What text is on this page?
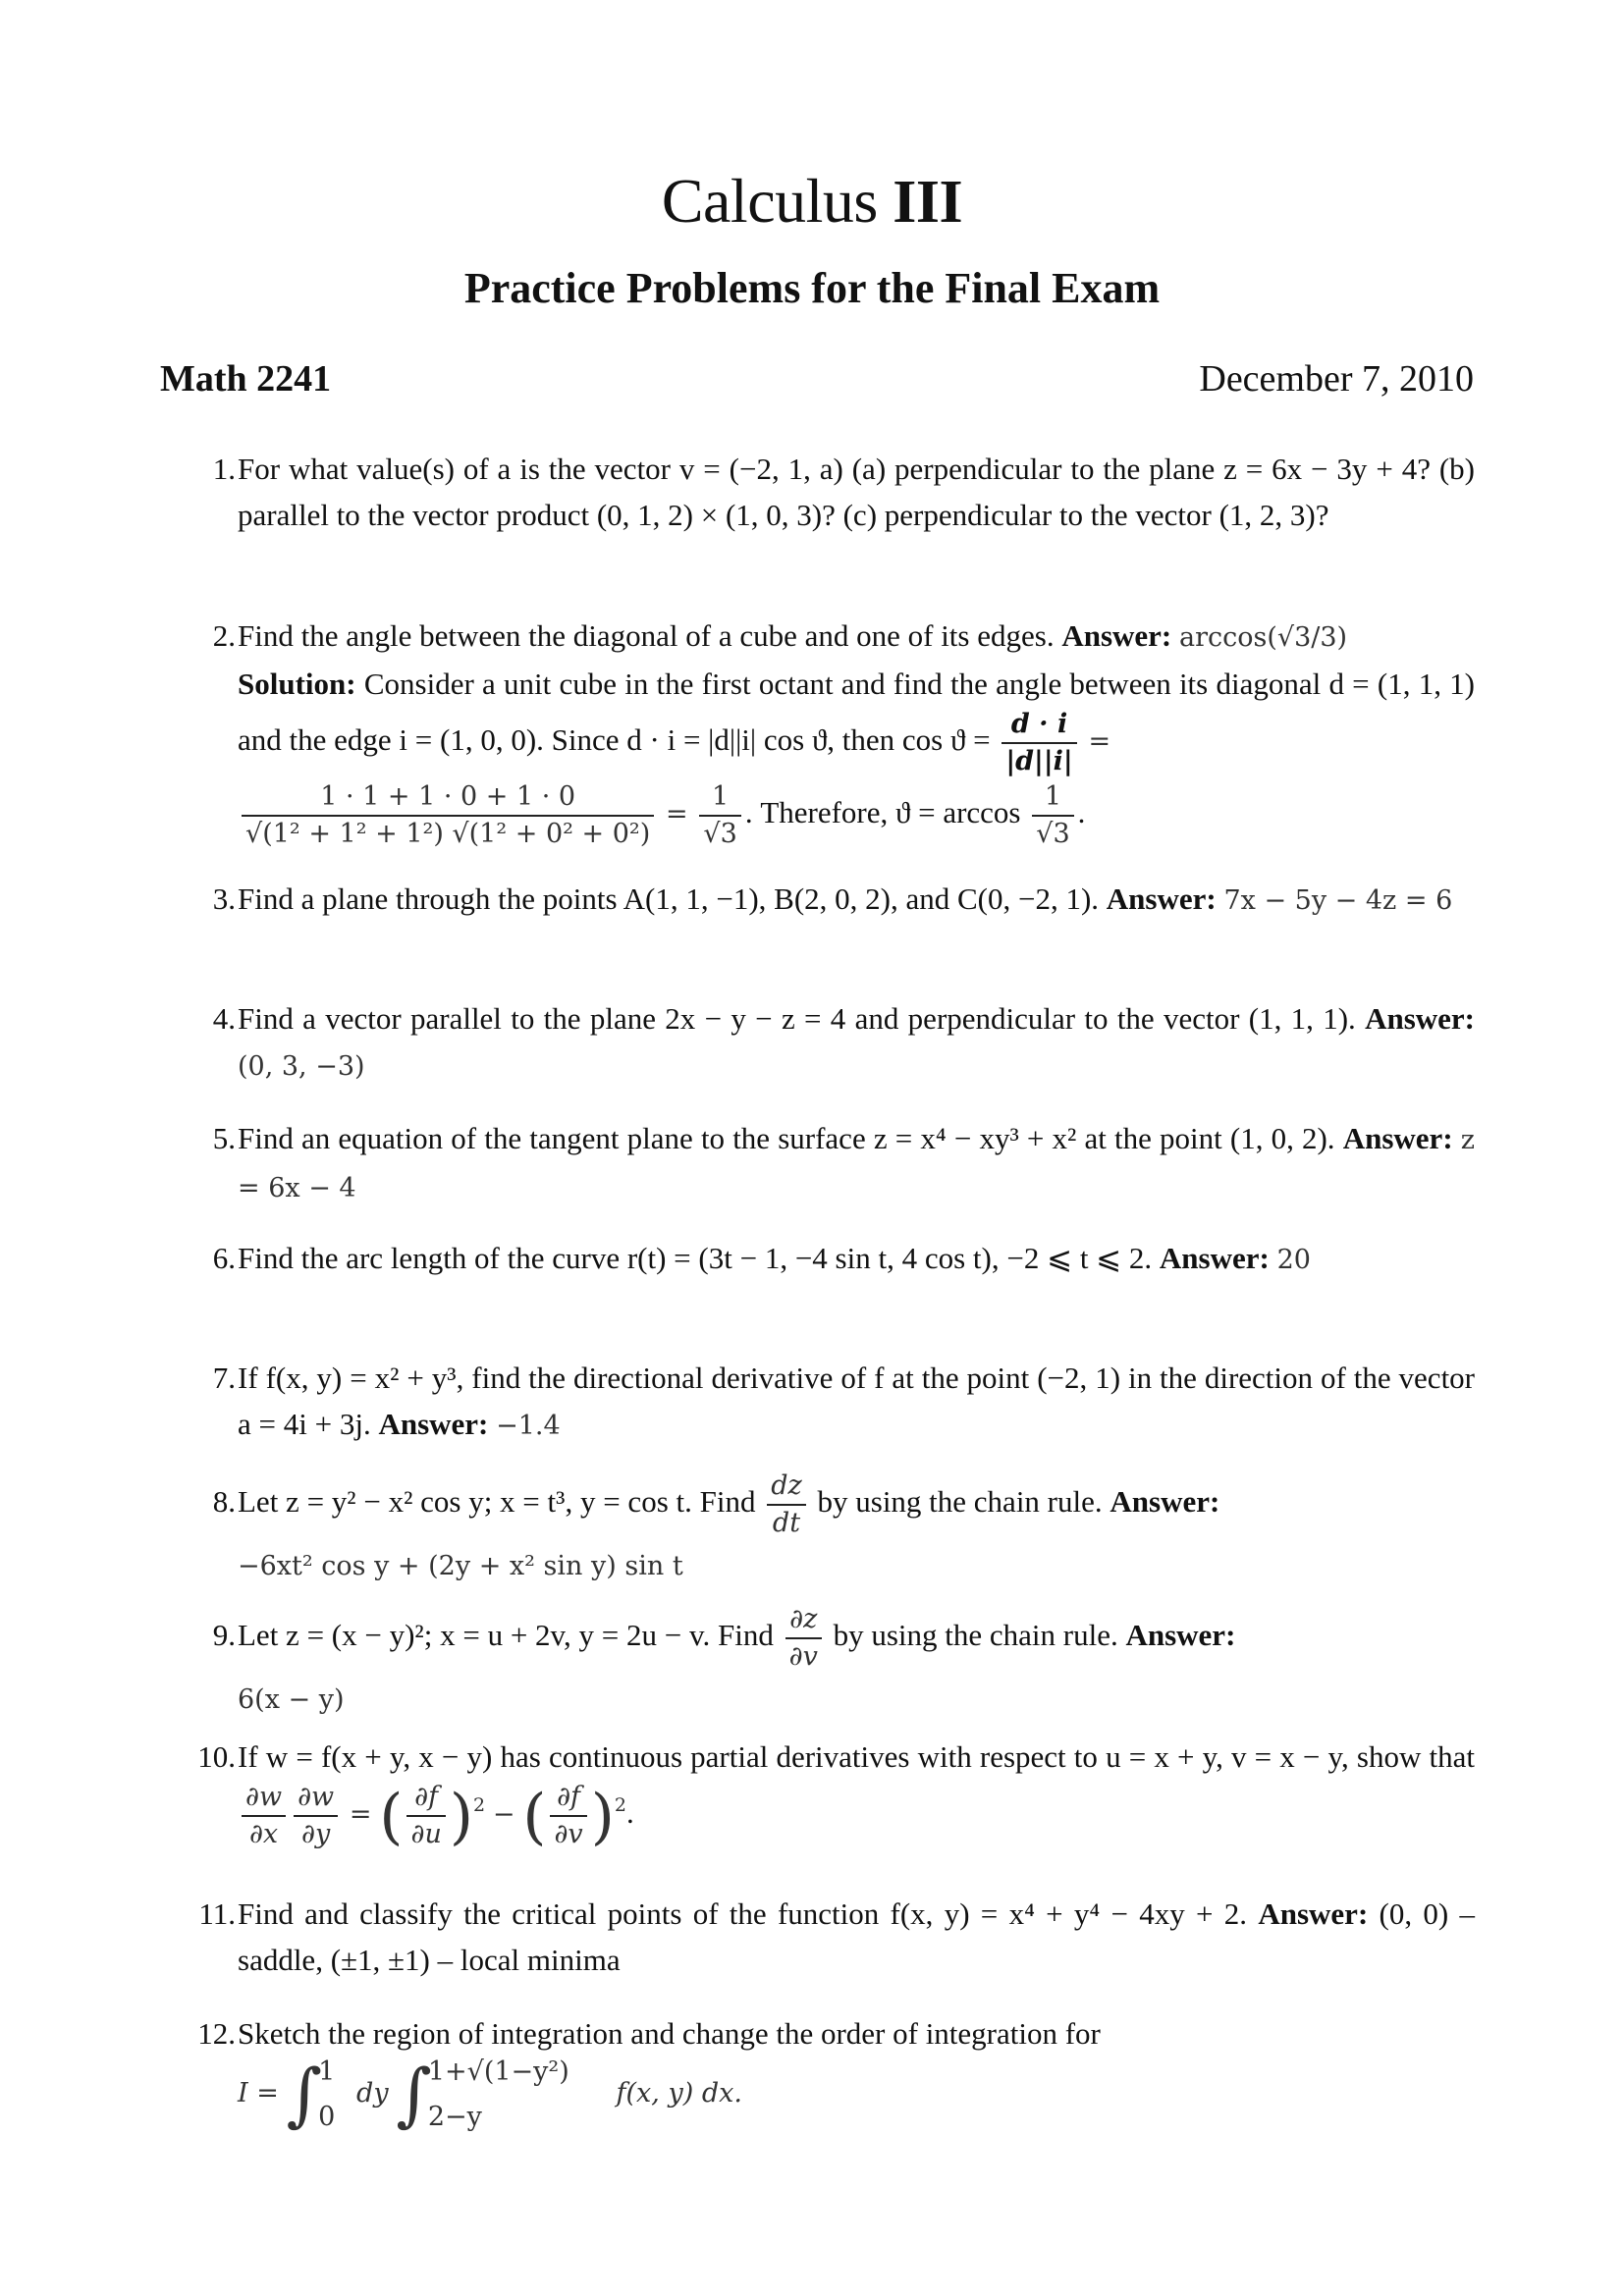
Calculus III
Practice Problems for the Final Exam
Math 2241	December 7, 2010
1. For what value(s) of a is the vector v = (−2, 1, a) (a) perpendicular to the plane z = 6x − 3y + 4? (b) parallel to the vector product (0, 1, 2) × (1, 0, 3)? (c) perpendicular to the vector (1, 2, 3)?
2. Find the angle between the diagonal of a cube and one of its edges. Answer: arccos(√3/3)
Solution: Consider a unit cube in the first octant and find the angle between its diagonal d = (1, 1, 1) and the edge i = (1, 0, 0). Since d · i = |d||i| cos ϑ, then $\cos ϑ = \frac{d \cdot i}{|d||i|}$ =

$\frac{1 \cdot 1 + 1 \cdot 0 + 1 \cdot 0}{\text{√(1² + 1² + 1²) √(1² + 0² + 0²)}} = \frac{1}{√3}$ . Therefore, $ϑ = \arccos \frac{1}{√3}$ .
3. Find a plane through the points A(1, 1, −1), B(2, 0, 2), and C(0, −2, 1). Answer: 7x − 5y − 4z = 6
4. Find a vector parallel to the plane 2x − y − z = 4 and perpendicular to the vector (1, 1, 1). Answer: (0, 3, −3)
5. Find an equation of the tangent plane to the surface z = x⁴ − xy³ + x² at the point (1, 0, 2). Answer: z = 6x − 4
6. Find the arc length of the curve r(t) = (3t − 1, −4 sin t, 4 cos t), −2 ⩽ t ⩽ 2. Answer: 20
7. If f(x, y) = x² + y³, find the directional derivative of f at the point (−2, 1) in the direction of the vector a = 4i + 3j. Answer: −1.4
8. Let z = y² − x² cos y; x = t³, y = cos t. Find $\frac{dz}{dt}$ by using the chain rule. Answer:
−6xt² cos y + (2y + x² sin y) sin t
9. Let z = (x − y)²; x = u + 2v, y = 2u − v. Find $\frac{\partial z}{\partial v}$ by using the chain rule. Answer:
6(x − y)
10. If w = f(x + y, x − y) has continuous partial derivatives with respect to u = x + y, v = x − y, show that
$\frac{\partial w}{\partial x} \frac{\partial w}{\partial y}$ = ( $\frac{\partial f}{\partial u} )^2$ − ( $\frac{\partial f}{\partial v} )^2$.
11. Find and classify the critical points of the function f(x, y) = x⁴ + y⁴ − 4xy + 2. Answer: (0, 0) – saddle, (±1, ±1) – local minima
12. Sketch the region of integration and change the order of integration for
I = ∫
1
0
dy ∫
1+√(1−y²)
2−y
f(x, y) dx.
